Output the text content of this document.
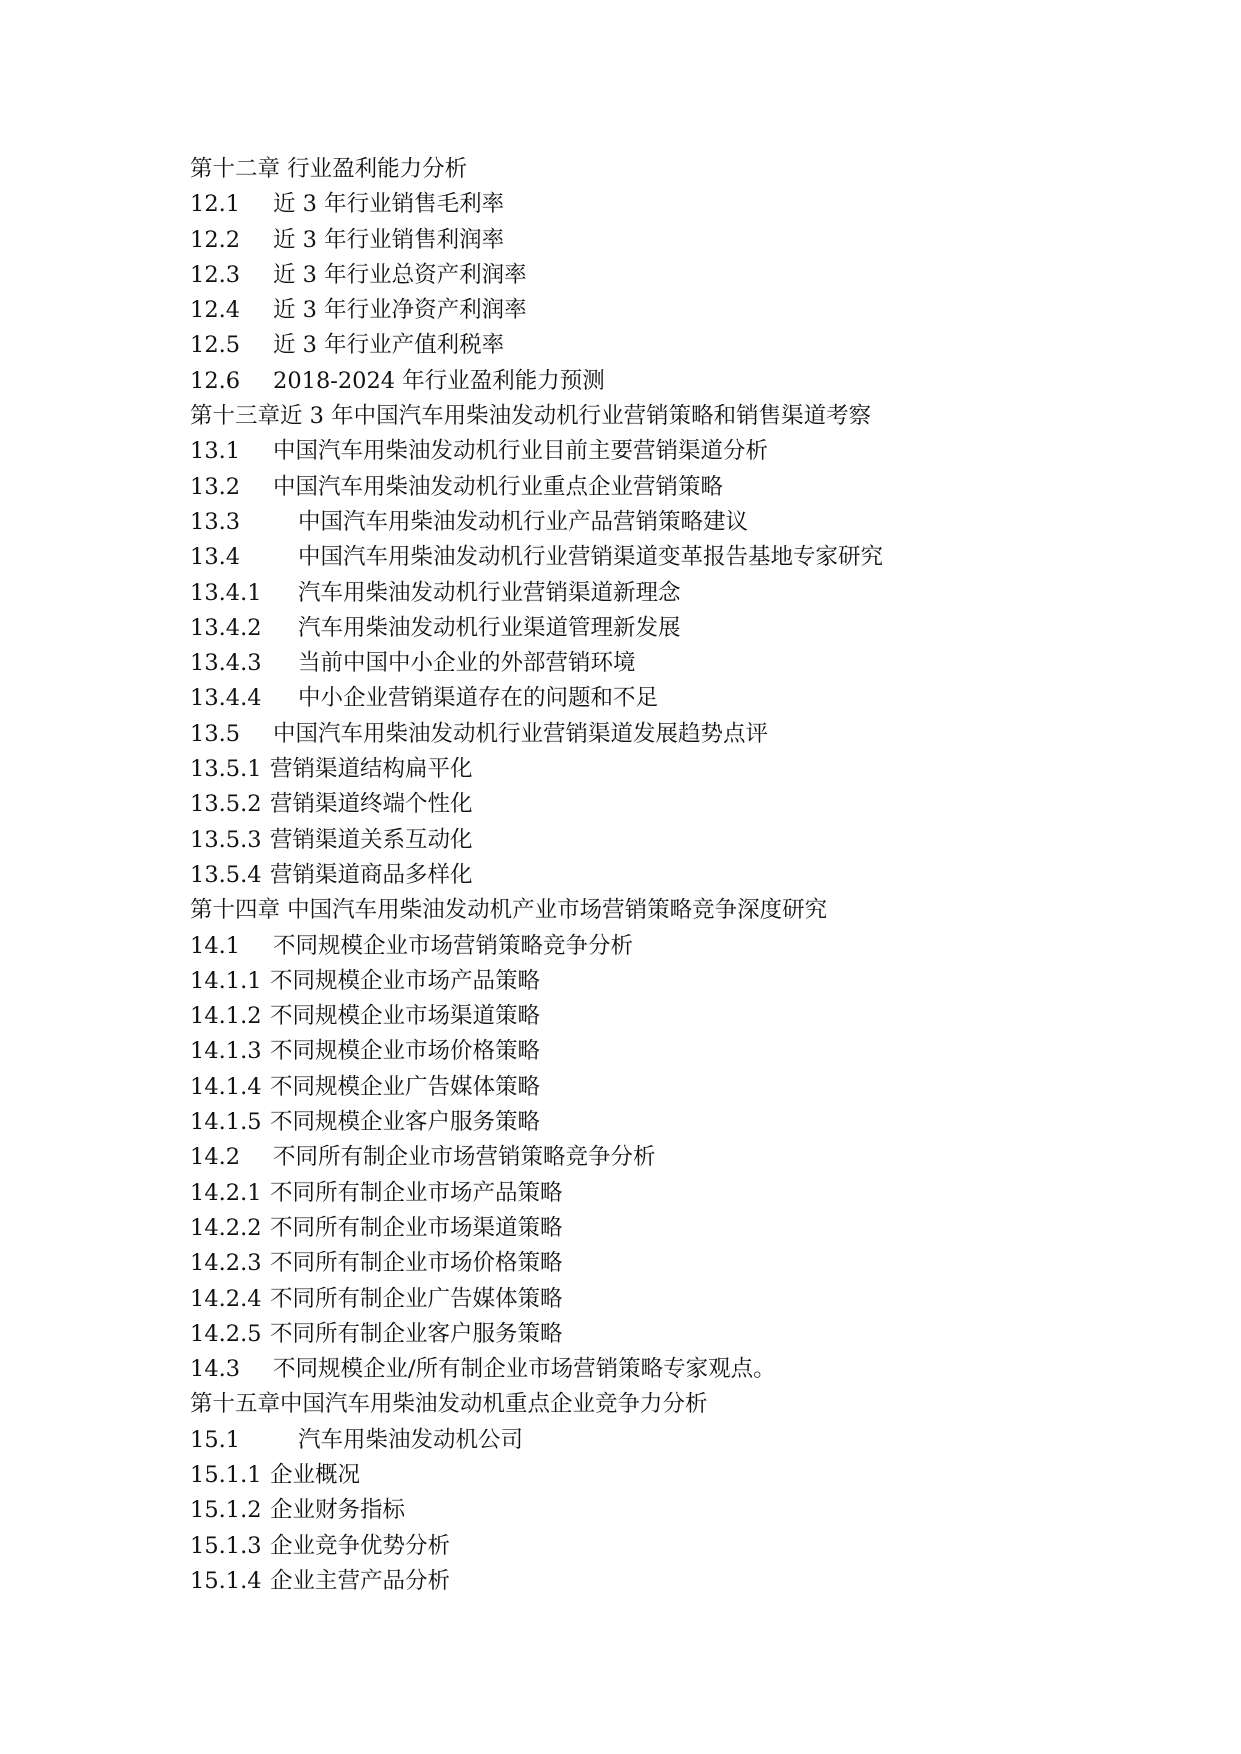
第十二章 行业盈利能力分析
12.1 近 3 年行业销售毛利率
12.2 近 3 年行业销售利润率
12.3 近 3 年行业总资产利润率
12.4 近 3 年行业净资产利润率
12.5 近 3 年行业产值利税率
12.6 2018-2024 年行业盈利能力预测
第十三章近 3 年中国汽车用柴油发动机行业营销策略和销售渠道考察
13.1 中国汽车用柴油发动机行业目前主要营销渠道分析
13.2 中国汽车用柴油发动机行业重点企业营销策略
13.3	中国汽车用柴油发动机行业产品营销策略建议
13.4	中国汽车用柴油发动机行业营销渠道变革报告基地专家研究
13.4.1 汽车用柴油发动机行业营销渠道新理念
13.4.2 汽车用柴油发动机行业渠道管理新发展
13.4.3 当前中国中小企业的外部营销环境
13.4.4 中小企业营销渠道存在的问题和不足
13.5 中国汽车用柴油发动机行业营销渠道发展趋势点评
13.5.1 营销渠道结构扁平化
13.5.2 营销渠道终端个性化
13.5.3 营销渠道关系互动化
13.5.4 营销渠道商品多样化
第十四章 中国汽车用柴油发动机产业市场营销策略竞争深度研究
14.1 不同规模企业市场营销策略竞争分析
14.1.1 不同规模企业市场产品策略
14.1.2 不同规模企业市场渠道策略
14.1.3 不同规模企业市场价格策略
14.1.4 不同规模企业广告媒体策略
14.1.5 不同规模企业客户服务策略
14.2 不同所有制企业市场营销策略竞争分析
14.2.1 不同所有制企业市场产品策略
14.2.2 不同所有制企业市场渠道策略
14.2.3 不同所有制企业市场价格策略
14.2.4 不同所有制企业广告媒体策略
14.2.5 不同所有制企业客户服务策略
14.3 不同规模企业/所有制企业市场营销策略专家观点。
第十五章中国汽车用柴油发动机重点企业竞争力分析
15.1	汽车用柴油发动机公司
15.1.1 企业概况
15.1.2 企业财务指标
15.1.3 企业竞争优势分析
15.1.4 企业主营产品分析
